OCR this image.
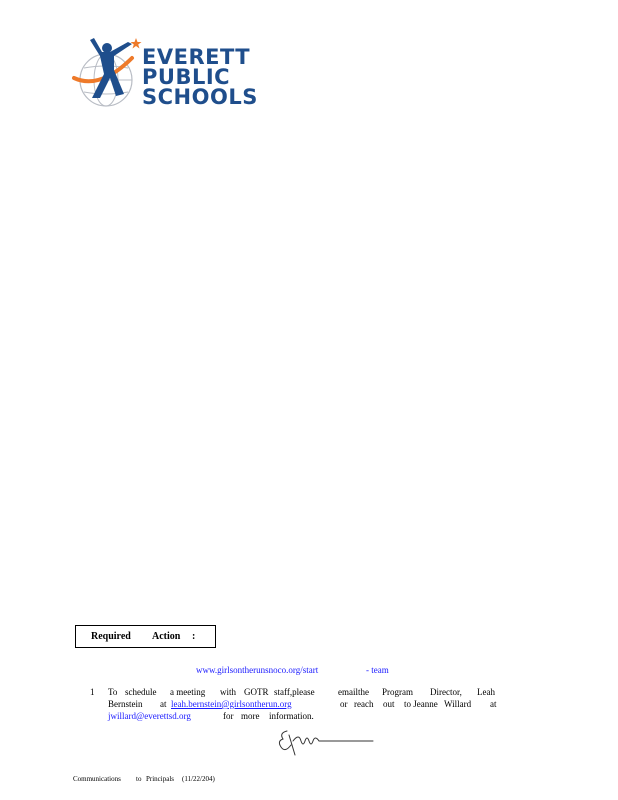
EVERETT
PUBLIC
SCHOOLS
Required Action :
www.girlsontherunsnoco.org/start	- team
1 To schedule a meeting with GOTR staff,please	emailthe Program Director, Leah
Bernstein at leah.bernstein@girlsontherun.org	or reach out to Jeanne Willard at
jwillard@everettsd.org	for more information.
Communications to Principals (11/22/204)
